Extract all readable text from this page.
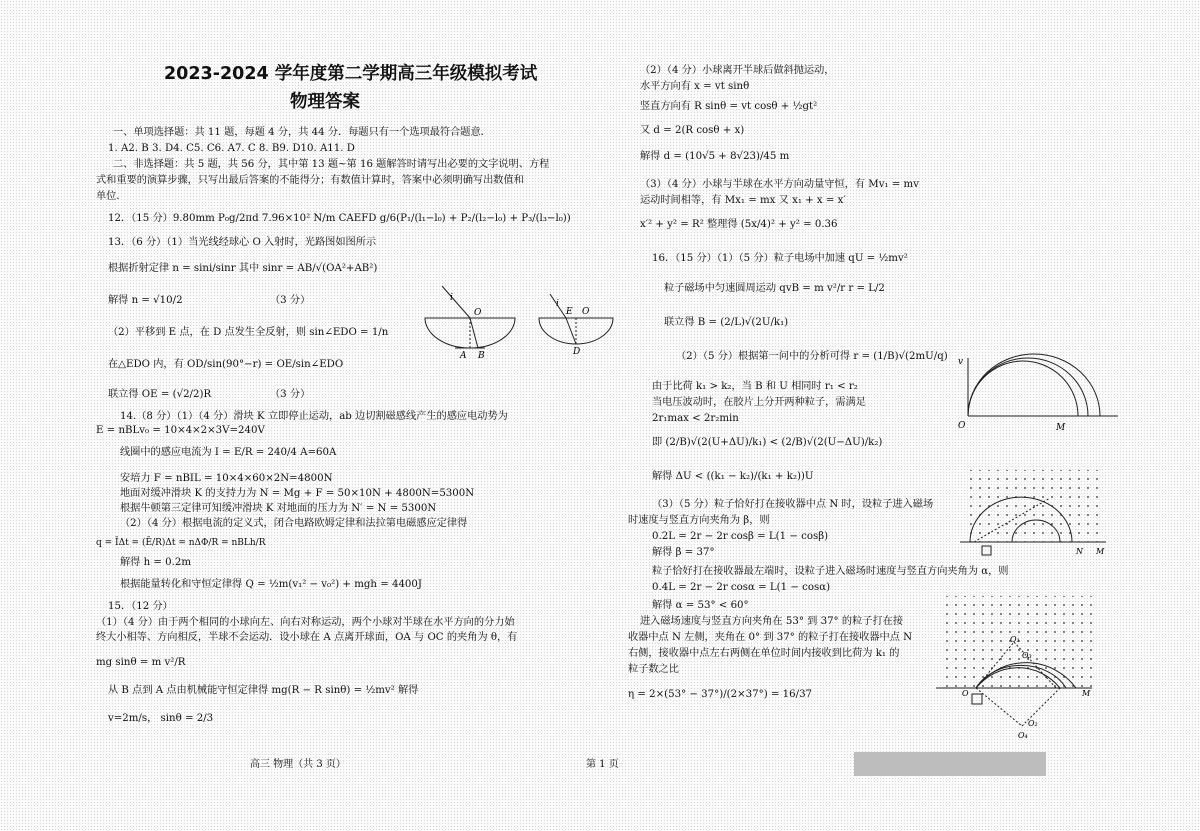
2023-2024 学年度第二学期高三年级模拟考试
物理答案
一、单项选择题：共 11 题，每题 4 分，共 44 分．每题只有一个选项最符合题意．
1. A2. B 3. D4. C5. C6. A7. C 8. B9. D10. A11. D
二、非选择题：共 5 题，共 56 分，其中第 13 题~第 16 题解答时请写出必要的文字说明、方程
式和重要的演算步骤，只写出最后答案的不能得分；有数值计算时，答案中必须明确写出数值和
单位．
12．（15 分）9.80mm P₀g/2πd 7.96×10² N/m CAEFD g/6(P₁/(l₁−l₀) + P₂/(l₂−l₀) + P₃/(l₃−l₀))
13．（6 分）（1）当光线经球心 O 入射时，光路图如图所示
根据折射定律 n = sini/sinr 其中 sinr = AB/√(OA²+AB²)
解得 n = √10/2	（3 分）
（2）平移到 E 点，在 D 点发生全反射，则 sin∠EDO = 1/n
在△EDO 内，有 OD/sin(90°−r) = OE/sin∠EDO
联立得 OE = (√2/2)R	（3 分）
i
O
A B
i
E O
D
14.（8 分）（1）（4 分）滑块 K 立即停止运动，ab 边切割磁感线产生的感应电动势为
E = nBLv₀ = 10×4×2×3V=240V
线圈中的感应电流为 I = E/R = 240/4 A=60A
安培力 F = nBIL = 10×4×60×2N=4800N
地面对缓冲滑块 K 的支持力为 N = Mg + F = 50×10N + 4800N=5300N
根据牛顿第三定律可知缓冲滑块 K 对地面的压力为 N′ = N = 5300N
（2）（4 分）根据电流的定义式，闭合电路欧姆定律和法拉第电磁感应定律得
q = ĪΔt = (Ē/R)Δt = nΔΦ/R = nBLh/R
解得 h = 0.2m
根据能量转化和守恒定律得 Q = ½m(v₁² − v₀²) + mgh = 4400J
15．（12 分）
（1）（4 分）由于两个相同的小球向左、向右对称运动，两个小球对半球在水平方向的分力始
终大小相等、方向相反，半球不会运动．设小球在 A 点离开球面，OA 与 OC 的夹角为 θ，有
mg sinθ = m v²/R
从 B 点到 A 点由机械能守恒定律得 mg(R − R sinθ) = ½mv² 解得
v=2m/s， sinθ = 2/3
（2）（4 分）小球离开半球后做斜抛运动，
水平方向有 x = vt sinθ
竖直方向有 R sinθ = vt cosθ + ½gt²
又 d = 2(R cosθ + x)
解得 d = (10√5 + 8√23)/45 m
（3）（4 分）小球与半球在水平方向动量守恒，有 Mv₁ = mv
运动时间相等，有 Mx₁ = mx 又 x₁ + x = x′
x′² + y² = R² 整理得 (5x/4)² + y² = 0.36
16．（15 分）（1）（5 分）粒子电场中加速 qU = ½mv²
粒子磁场中匀速圆周运动 qvB = m v²/r r = L/2
联立得 B = (2/L)√(2U/k₁)
（2）（5 分）根据第一问中的分析可得 r = (1/B)√(2mU/q)
由于比荷 k₁ > k₂，当 B 和 U 相同时 r₁ < r₂
当电压波动时，在胶片上分开两种粒子，需满足
2r₁max < 2r₂min
即 (2/B)√(2(U+ΔU)/k₁) < (2/B)√(2(U−ΔU)/k₂)
解得 ΔU < ((k₁ − k₂)/(k₁ + k₂))U
v
O	M
（3）（5 分）粒子恰好打在接收器中点 N 时，设粒子进入磁场
时速度与竖直方向夹角为 β，则
0.2L = 2r − 2r cosβ = L(1 − cosβ)
解得 β = 37°
粒子恰好打在接收器最左端时，设粒子进入磁场时速度与竖直方向夹角为 α，则
0.4L = 2r − 2r cosα = L(1 − cosα)
解得 α = 53° < 60°
进入磁场速度与竖直方向夹角在 53° 到 37° 的粒子打在接
收器中点 N 左侧，夹角在 0° 到 37° 的粒子打在接收器中点 N
右侧，接收器中点左右两侧在单位时间内接收到比荷为 k₁ 的
粒子数之比
η = 2×(53° − 37°)/(2×37°) = 16/37
N M
O
O₁
O₂
O₃
O₄
M
高三 物理（共 3 页）	第 1 页
